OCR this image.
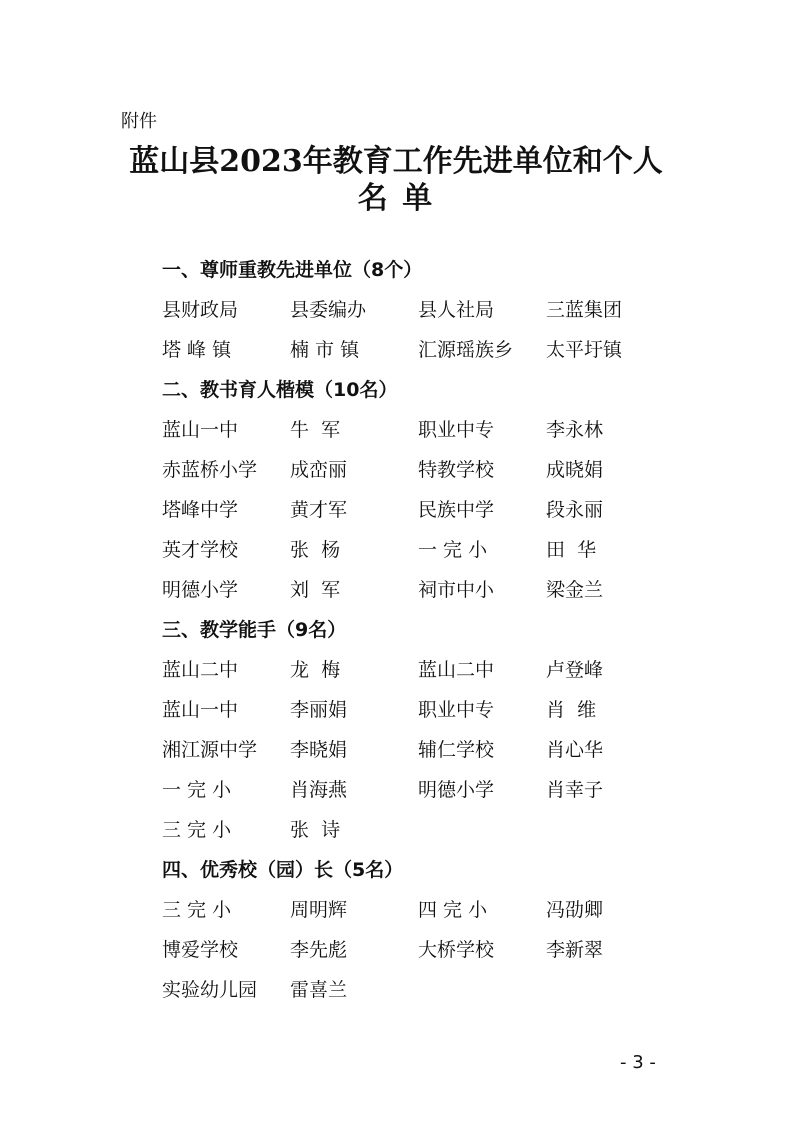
附件
蓝山县2023年教育工作先进单位和个人
名 单
一、尊师重教先进单位（8个）
县财政局	县委编办	县人社局	三蓝集团
塔 峰 镇	楠 市 镇	汇源瑶族乡 太平圩镇
二、教书育人楷模（10名）
蓝山一中	牛  军	职业中专	李永林
赤蓝桥小学 成峦丽	特教学校	成晓娟
塔峰中学	黄才军	民族中学	段永丽
英才学校	张  杨	一 完 小	田  华
明德小学	刘  军	祠市中小	梁金兰
三、教学能手（9名）
蓝山二中	龙  梅	蓝山二中	卢登峰
蓝山一中	李丽娟	职业中专	肖  维
湘江源中学 李晓娟	辅仁学校	肖心华
一 完 小	肖海燕	明德小学	肖幸子
三 完 小	张  诗
四、优秀校（园）长（5名）
三 完 小	周明辉	四 完 小	冯劭卿
博爱学校	李先彪	大桥学校	李新翠
实验幼儿园 雷喜兰
- 3 -
